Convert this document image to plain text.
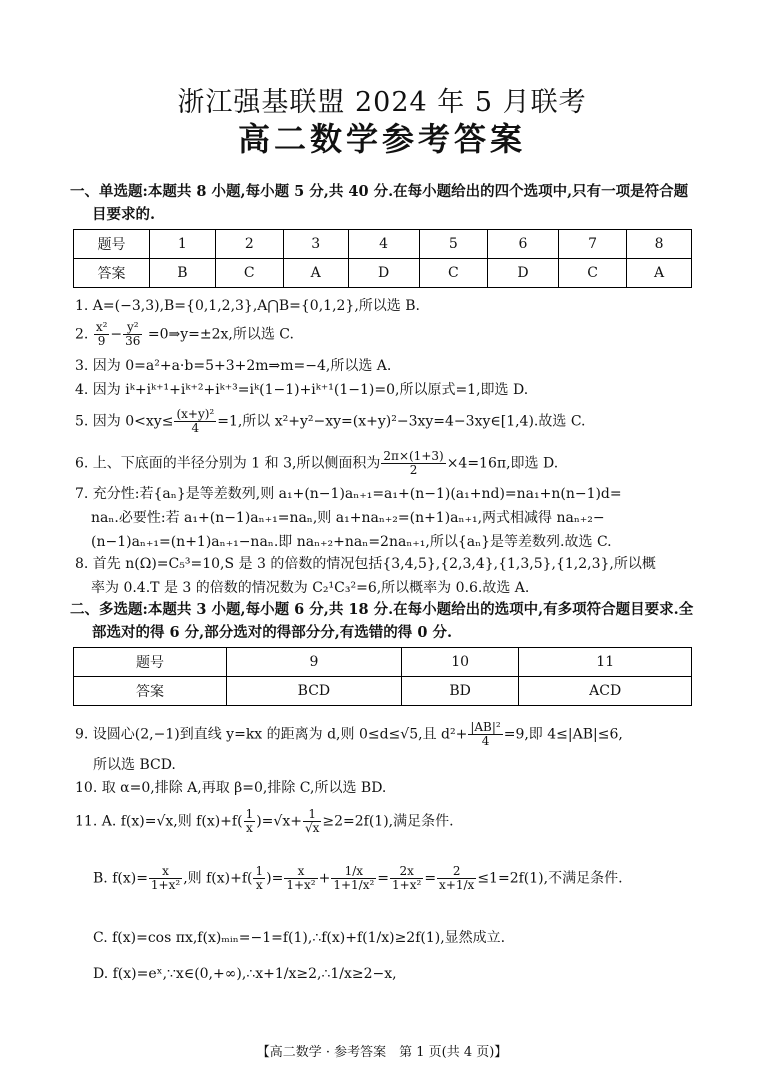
浙江强基联盟 2024 年 5 月联考
高二数学参考答案
一、单选题:本题共 8 小题,每小题 5 分,共 40 分.在每小题给出的四个选项中,只有一项是符合题目要求的.
题号	1	2	3	4	5	6	7	8
答案	B	C	A	D	C	D	C	A
1. A=(−3,3),B={0,1,2,3},A⋂B={0,1,2},所以选 B.
2. $\frac{\text{x²}}{9} - \frac{\text{y²}}{36}$ =0⇒y=±2x,所以选 C.
3. 因为 0=a²+a·b=5+3+2m⇒m=−4,所以选 A.
4. 因为 iᵏ+iᵏ⁺¹+iᵏ⁺²+iᵏ⁺³=iᵏ(1−1)+iᵏ⁺¹(1−1)=0,所以原式=1,即选 D.
5. 因为 $0<xy\le \frac{\text{(x+y)²}}{4} =1$,所以 x²+y²−xy=(x+y)²−3xy=4−3xy∈[1,4).故选 C.
6. 上、下底面的半径分别为 1 和 3,所以侧面积为 $\frac{2\pi\times(1+3)}{2} \times 4=16\pi$,即选 D.
7. 充分性:若{aₙ}是等差数列,则 a₁+(n−1)aₙ₊₁=a₁+(n−1)(a₁+nd)=na₁+n(n−1)d=
naₙ.必要性:若 a₁+(n−1)aₙ₊₁=naₙ,则 a₁+naₙ₊₂=(n+1)aₙ₊₁,两式相减得 naₙ₊₂−
(n−1)aₙ₊₁=(n+1)aₙ₊₁−naₙ.即 naₙ₊₂+naₙ=2naₙ₊₁,所以{aₙ}是等差数列.故选 C.
8. 首先 n(Ω)=C₅³=10,S 是 3 的倍数的情况包括{3,4,5},{2,3,4},{1,3,5},{1,2,3},所以概
率为 0.4.T 是 3 的倍数的情况数为 C₂¹C₃²=6,所以概率为 0.6.故选 A.
二、多选题:本题共 3 小题,每小题 6 分,共 18 分.在每小题给出的选项中,有多项符合题目要求.全部选对的得 6 分,部分选对的得部分分,有选错的得 0 分.
题号	9	10	11
答案	BCD	BD	ACD
9. 设圆心(2,−1)到直线 y=kx 的距离为 d,则 0≤d≤√5,且 $d^2+ \frac{\text{|AB|²}}{4} =9$,即 4≤|AB|≤6,
所以选 BCD.
10. 取 α=0,排除 A,再取 β=0,排除 C,所以选 BD.
11. A. f(x)=√x,则 $f(x)+f( \frac{1}{x} )=√x+ \frac{1}{√x} \ge 2=2f(1)$,满足条件.
B. $f(x)= \frac{x}{\text{1+x²}}$ ,则 $f(x)+f( \frac{1}{x}$ )= $\frac{x}{\text{1+x²}} + \frac{1/x}{\text{1+1/x²}} = \frac{2x}{\text{1+x²}} = \frac{2}{x+1/x} \le 1=2f(1)$,不满足条件.
C. f(x)=cos πx,f(x)ₘᵢₙ=−1=f(1),∴f(x)+f(1/x)≥2f(1),显然成立.
D. f(x)=eˣ,∵x∈(0,+∞),∴x+1/x≥2,∴1/x≥2−x,
【高二数学 · 参考答案　第 1 页(共 4 页)】
